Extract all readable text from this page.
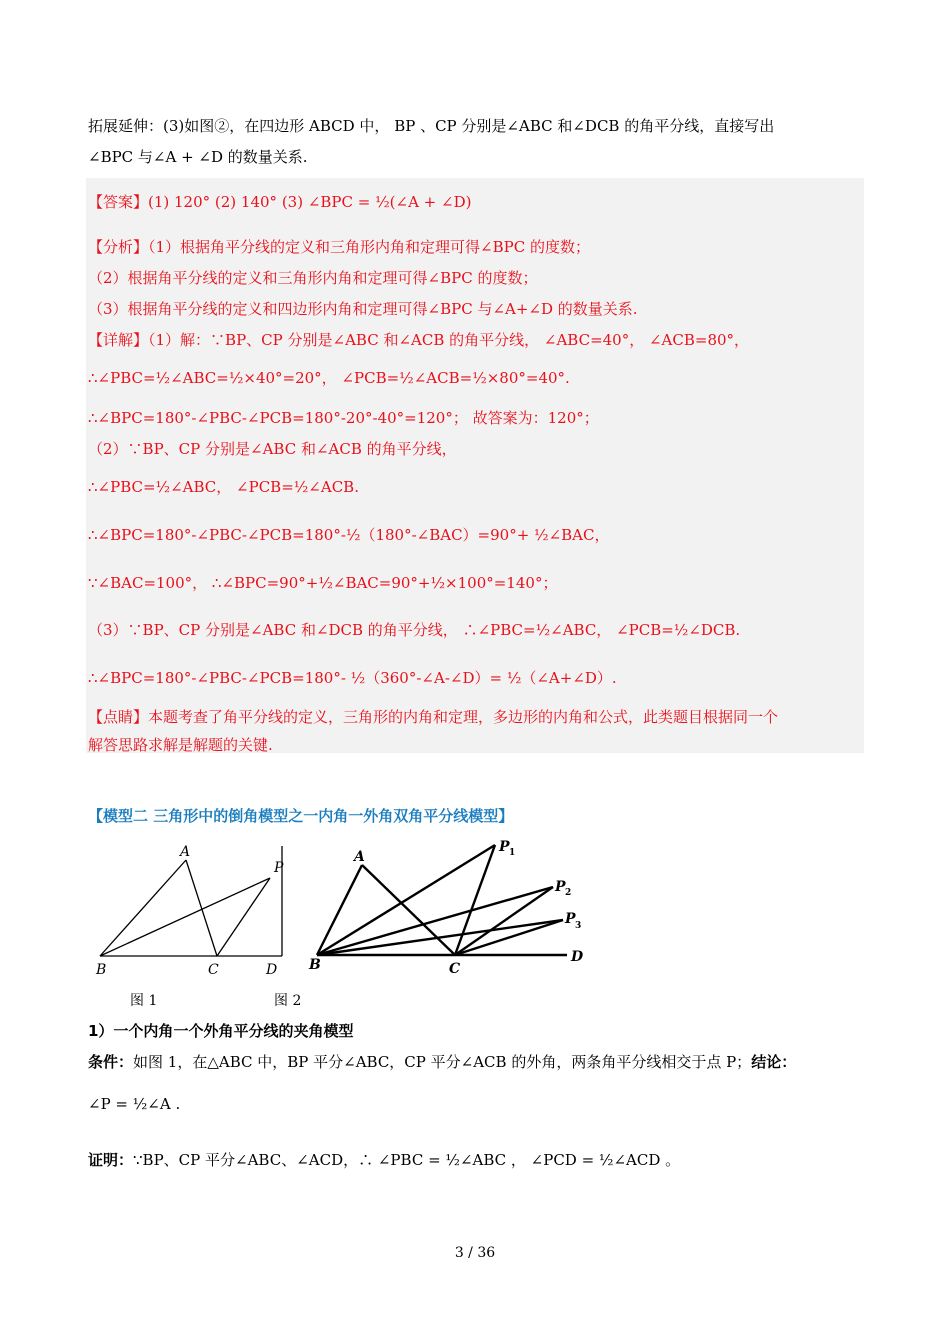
拓展延伸：(3)如图②，在四边形 ABCD 中， BP 、CP 分别是∠ABC 和∠DCB 的角平分线，直接写出
∠BPC 与∠A + ∠D 的数量关系.
【答案】(1) 120° (2) 140° (3) ∠BPC = ½(∠A + ∠D)
【分析】（1）根据角平分线的定义和三角形内角和定理可得∠BPC 的度数；
（2）根据角平分线的定义和三角形内角和定理可得∠BPC 的度数；
（3）根据角平分线的定义和四边形内角和定理可得∠BPC 与∠A+∠D 的数量关系.
【详解】（1）解：∵BP、CP 分别是∠ABC 和∠ACB 的角平分线， ∠ABC=40°， ∠ACB=80°，
∴∠PBC=½∠ABC=½×40°=20°， ∠PCB=½∠ACB=½×80°=40°.
∴∠BPC=180°-∠PBC-∠PCB=180°-20°-40°=120°； 故答案为：120°；
（2）∵BP、CP 分别是∠ABC 和∠ACB 的角平分线，
∴∠PBC=½∠ABC， ∠PCB=½∠ACB.
∴∠BPC=180°-∠PBC-∠PCB=180°-½（180°-∠BAC）=90°+ ½∠BAC，
∵∠BAC=100°， ∴∠BPC=90°+½∠BAC=90°+½×100°=140°；
（3）∵BP、CP 分别是∠ABC 和∠DCB 的角平分线， ∴∠PBC=½∠ABC， ∠PCB=½∠DCB.
∴∠BPC=180°-∠PBC-∠PCB=180°- ½（360°-∠A-∠D）= ½（∠A+∠D）.
【点睛】本题考查了角平分线的定义，三角形的内角和定理，多边形的内角和公式，此类题目根据同一个
解答思路求解是解题的关键.
【模型二 三角形中的倒角模型之一内角一外角双角平分线模型】
A
P
B	C	D
A
P 1
P 2
P 3
B	C
D
图 1	图 2
1）一个内角一个外角平分线的夹角模型
条件：如图 1，在△ABC 中，BP 平分∠ABC，CP 平分∠ACB 的外角，两条角平分线相交于点 P；结论：
∠P = ½∠A .
证明：∵BP、CP 平分∠ABC、∠ACD，∴ ∠PBC = ½∠ABC ， ∠PCD = ½∠ACD 。
3 / 36
